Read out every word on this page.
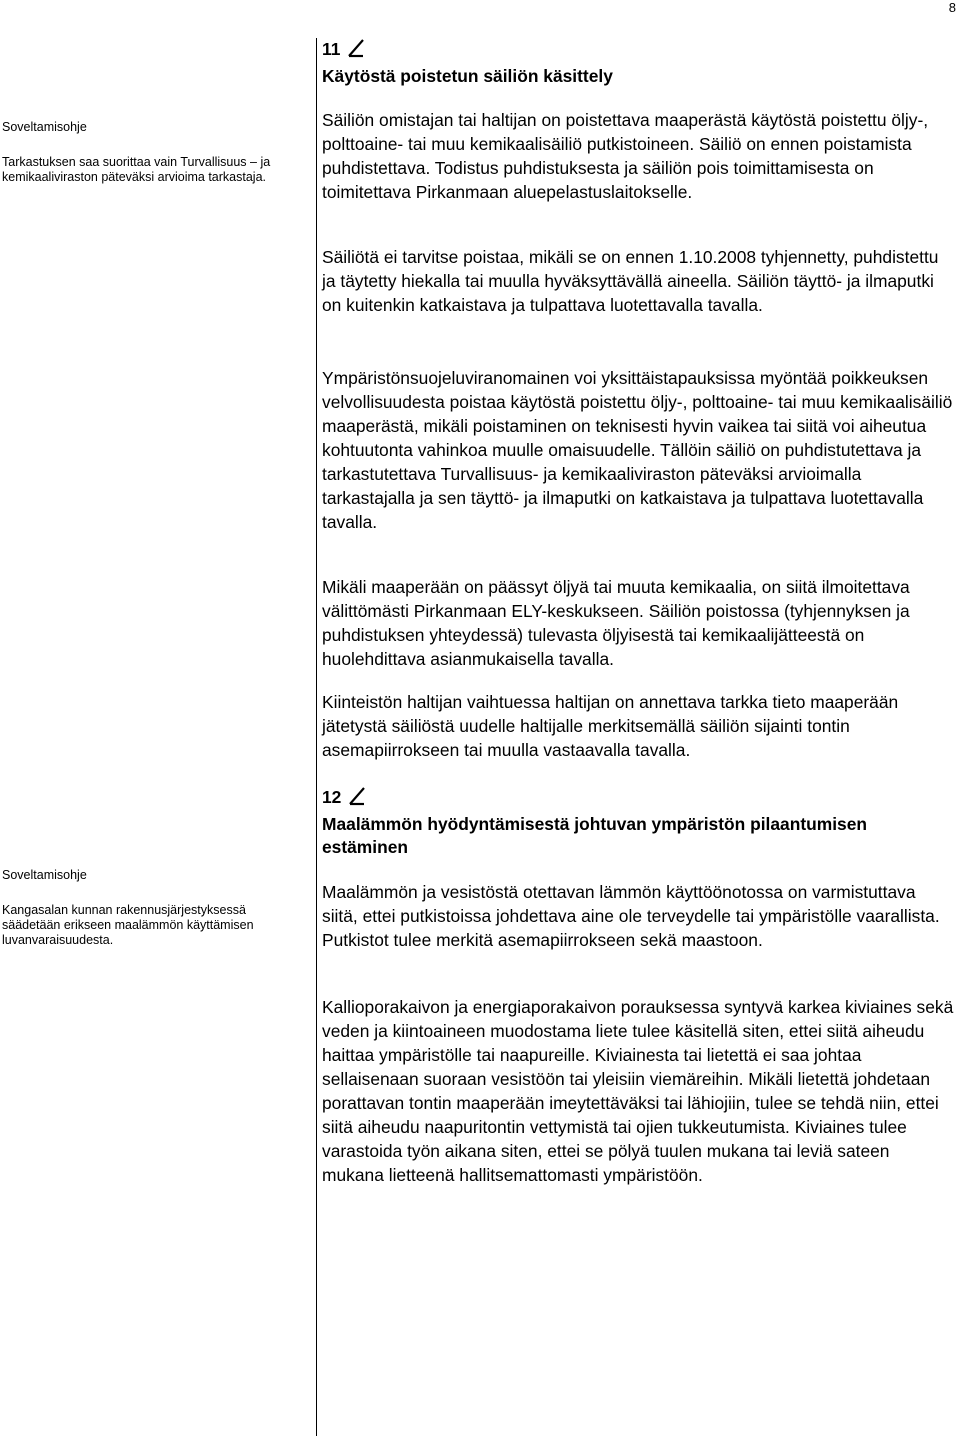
8

Soveltamisohje

Tarkastuksen saa suorittaa vain Turvallisuus – ja kemikaaliviraston päteväksi arvioima tarkastaja.

Soveltamisohje

Kangasalan kunnan rakennusjärjestyksessä säädetään erikseen maalämmön käyttämisen luvanvaraisuudesta.

11
Käytöstä poistetun säiliön käsittely

Säiliön omistajan tai haltijan on poistettava maaperästä käytöstä poistettu öljy-, polttoaine- tai muu kemikaalisäiliö putkistoineen. Säiliö on ennen poistamista puhdistettava. Todistus puhdistuksesta ja säiliön pois toimittamisesta on toimitettava Pirkanmaan aluepelastuslaitokselle.

Säiliötä ei tarvitse poistaa, mikäli se on ennen 1.10.2008 tyhjennetty, puhdistettu ja täytetty hiekalla tai muulla hyväksyttävällä aineella. Säiliön täyttö- ja ilmaputki on kuitenkin katkaistava ja tulpattava luotettavalla tavalla.

Ympäristönsuojeluviranomainen voi yksittäistapauksissa myöntää poikkeuksen velvollisuudesta poistaa käytöstä poistettu öljy-, polttoaine- tai muu kemikaalisäiliö maaperästä, mikäli poistaminen on teknisesti hyvin vaikea tai siitä voi aiheutua kohtuutonta vahinkoa muulle omaisuudelle. Tällöin säiliö on puhdistutettava ja tarkastutettava Turvallisuus- ja kemikaaliviraston päteväksi arvioimalla tarkastajalla ja sen täyttö- ja ilmaputki on katkaistava ja tulpattava luotettavalla tavalla.

Mikäli maaperään on päässyt öljyä tai muuta kemikaalia, on siitä ilmoitettava välittömästi Pirkanmaan ELY-keskukseen. Säiliön poistossa (tyhjennyksen ja puhdistuksen yhteydessä) tulevasta öljyisestä tai kemikaalijätteestä on huolehdittava asianmukaisella tavalla.

Kiinteistön haltijan vaihtuessa haltijan on annettava tarkka tieto maaperään jätetystä säiliöstä uudelle haltijalle merkitsemällä säiliön sijainti tontin asemapiirrokseen tai muulla vastaavalla tavalla.

12
Maalämmön hyödyntämisestä johtuvan ympäristön pilaantumisen estäminen

Maalämmön ja vesistöstä otettavan lämmön käyttöönotossa on varmistuttava siitä, ettei putkistoissa johdettava aine ole terveydelle tai ympäristölle vaarallista. Putkistot tulee merkitä asemapiirrokseen sekä maastoon.

Kallioporakaivon ja energiaporakaivon porauksessa syntyvä karkea kiviaines sekä veden ja kiintoaineen muodostama liete tulee käsitellä siten, ettei siitä aiheudu haittaa ympäristölle tai naapureille. Kiviainesta tai lietettä ei saa johtaa sellaisenaan suoraan vesistöön tai yleisiin viemäreihin. Mikäli lietettä johdetaan porattavan tontin maaperään imeytettäväksi tai lähiojiin, tulee se tehdä niin, ettei siitä aiheudu naapuritontin vettymistä tai ojien tukkeutumista. Kiviaines tulee varastoida työn aikana siten, ettei se pölyä tuulen mukana tai leviä sateen mukana lietteenä hallitsemattomasti ympäristöön.
